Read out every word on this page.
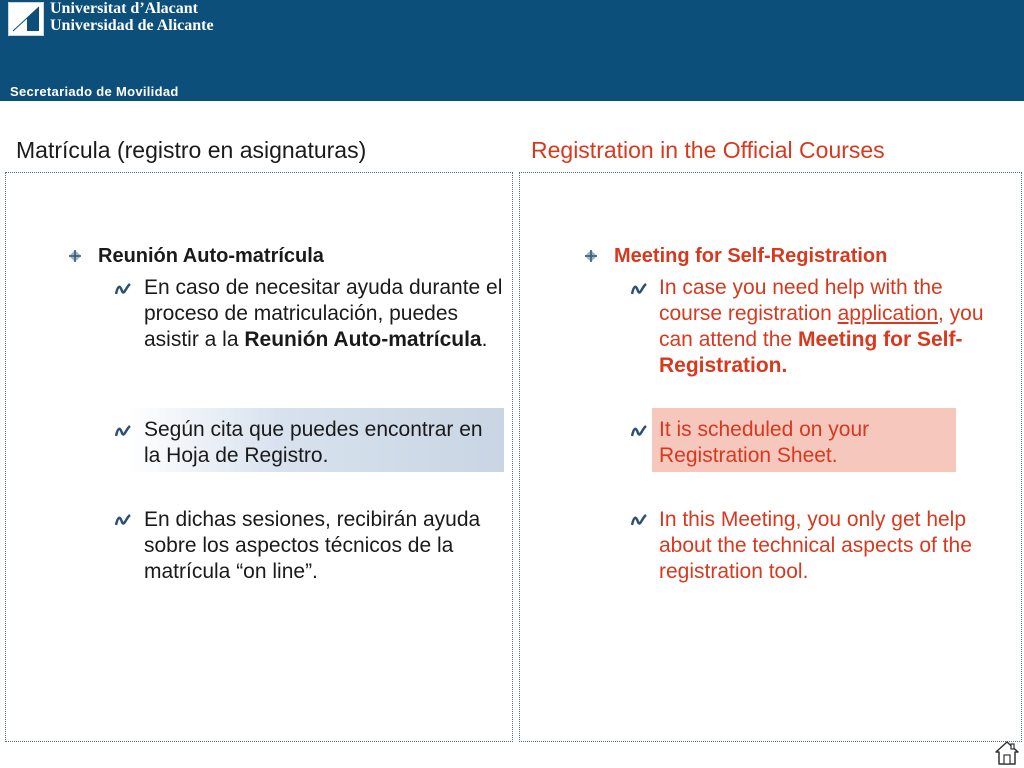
Universitat d’Alacant
Universidad de Alicante
Secretariado de Movilidad
Matrícula (registro en asignaturas)	Registration in the Official Courses
Reunión Auto-matrícula
En caso de necesitar ayuda durante el proceso de matriculación, puedes asistir a la Reunión Auto-matrícula.
Según cita que puedes encontrar en la Hoja de Registro.
En dichas sesiones, recibirán ayuda sobre los aspectos técnicos de la matrícula “on line”.
Meeting for Self-Registration
In case you need help with the course registration application, you can attend the Meeting for Self-Registration.
It is scheduled on your Registration Sheet.
In this Meeting, you only get help about the technical aspects of the registration tool.
